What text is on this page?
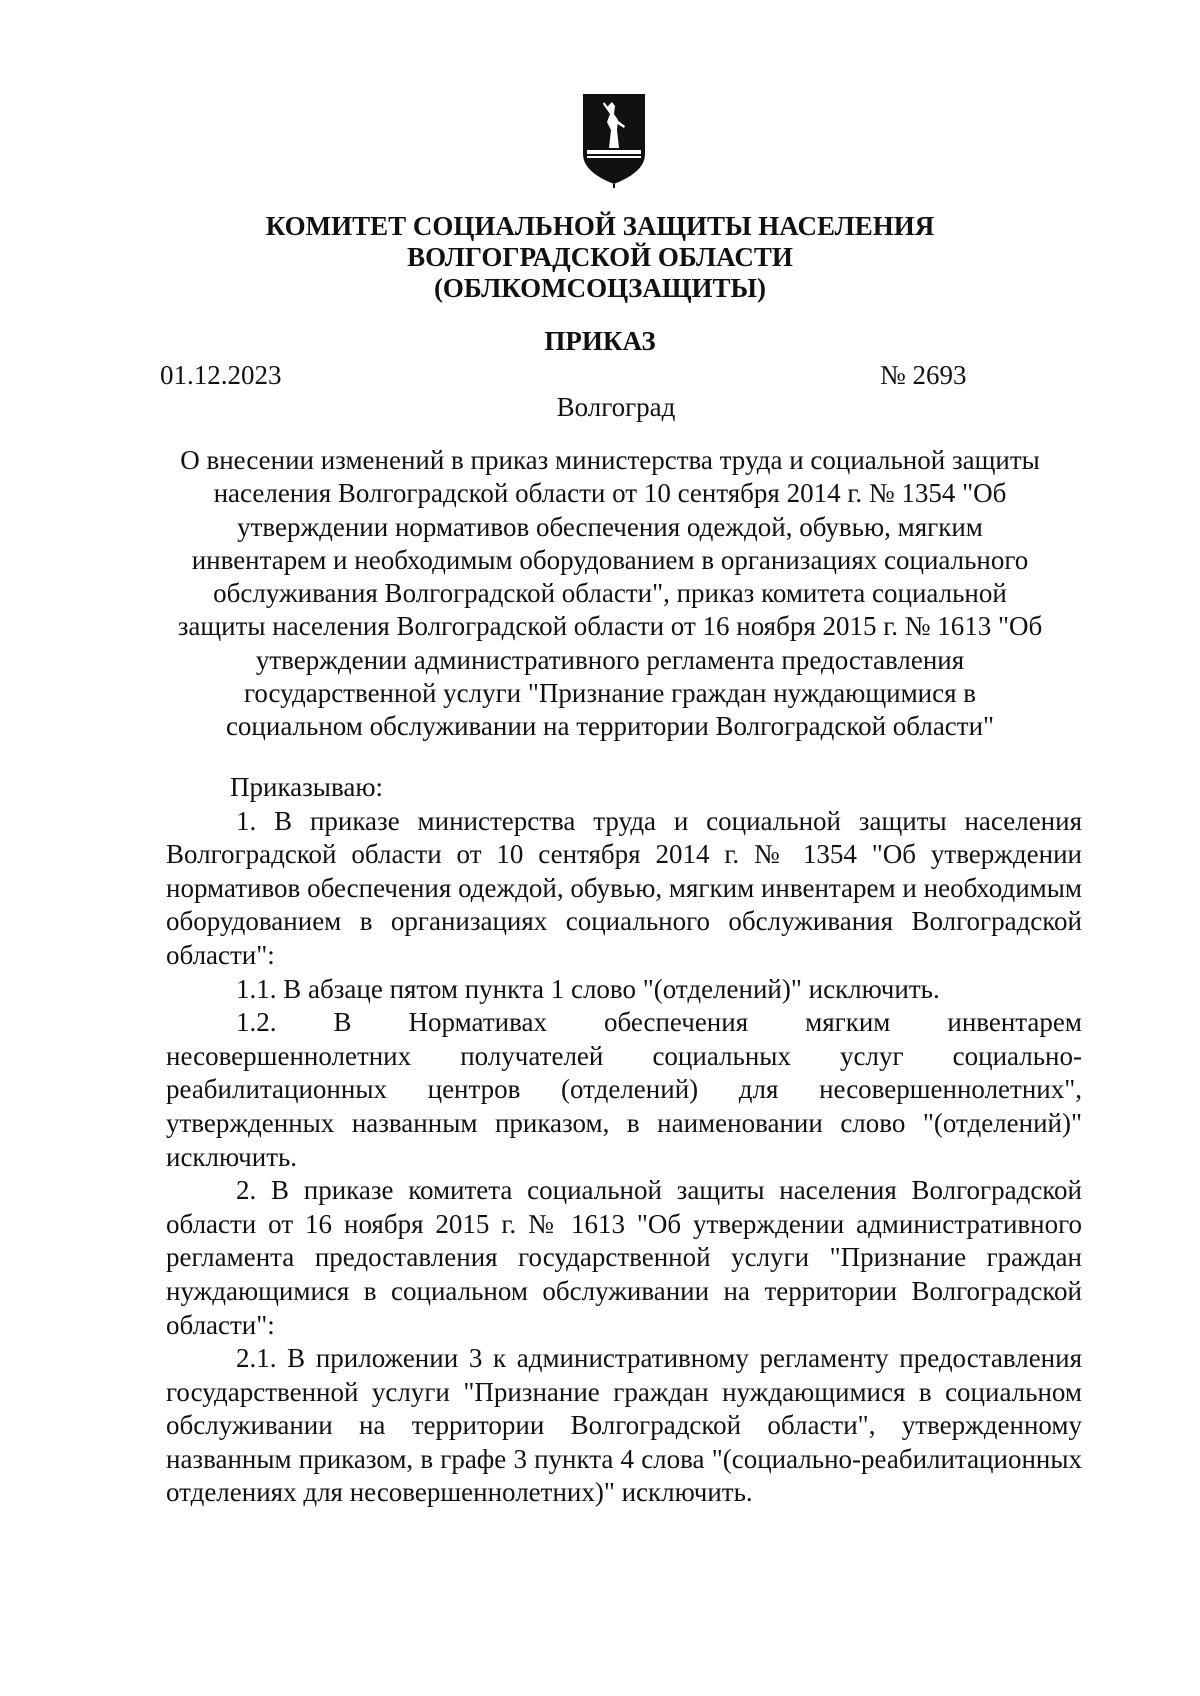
КОМИТЕТ СОЦИАЛЬНОЙ ЗАЩИТЫ НАСЕЛЕНИЯ
ВОЛГОГРАДСКОЙ ОБЛАСТИ
(ОБЛКОМСОЦЗАЩИТЫ)
ПРИКАЗ
01.12.2023	№ 2693
Волгоград
О внесении изменений в приказ министерства труда и социальной защиты
населения Волгоградской области от 10 сентября 2014 г. № 1354 "Об
утверждении нормативов обеспечения одеждой, обувью, мягким
инвентарем и необходимым оборудованием в организациях социального
обслуживания Волгоградской области", приказ комитета социальной
защиты населения Волгоградской области от 16 ноября 2015 г. № 1613 "Об
утверждении административного регламента предоставления
государственной услуги "Признание граждан нуждающимися в
социальном обслуживании на территории Волгоградской области"

Приказываю:

1. В приказе министерства труда и социальной защиты населения Волгоградской области от 10 сентября 2014 г. № 1354 "Об утверждении нормативов обеспечения одеждой, обувью, мягким инвентарем и необходимым оборудованием в организациях социального обслуживания Волгоградской области":

1.1. В абзаце пятом пункта 1 слово "(отделений)" исключить.

1.2. В Нормативах обеспечения мягким инвентарем несовершеннолетних получателей социальных услуг социально-реабилитационных центров (отделений) для несовершеннолетних", утвержденных названным приказом, в наименовании слово "(отделений)" исключить.

2. В приказе комитета социальной защиты населения Волгоградской области от 16 ноября 2015 г. № 1613 "Об утверждении административного регламента предоставления государственной услуги "Признание граждан нуждающимися в социальном обслуживании на территории Волгоградской области":

2.1. В приложении 3 к административному регламенту предоставления государственной услуги "Признание граждан нуждающимися в социальном обслуживании на территории Волгоградской области", утвержденному названным приказом, в графе 3 пункта 4 слова "(социально-реабилитационных отделениях для несовершеннолетних)" исключить.
